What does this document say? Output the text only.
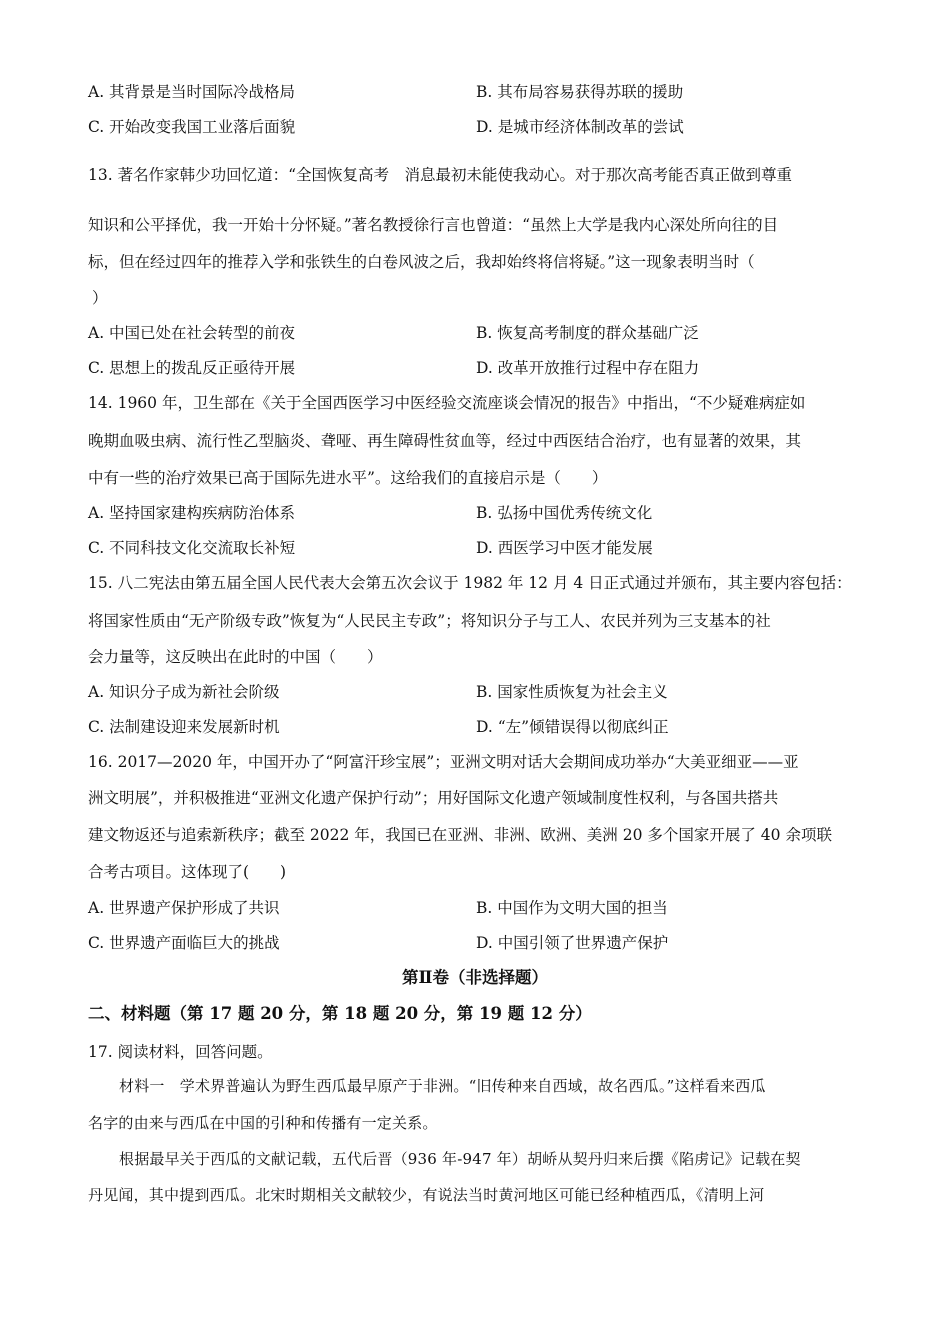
A. 其背景是当时国际冷战格局	B. 其布局容易获得苏联的援助
C. 开始改变我国工业落后面貌	D. 是城市经济体制改革的尝试
13. 著名作家韩少功回忆道：“全国恢复高考　消息最初未能使我动心。对于那次高考能否真正做到尊重
知识和公平择优，我一开始十分怀疑。”著名教授徐行言也曾道：“虽然上大学是我内心深处所向往的目
标，但在经过四年的推荐入学和张铁生的白卷风波之后，我却始终将信将疑。”这一现象表明当时（
）
A. 中国已处在社会转型的前夜	B. 恢复高考制度的群众基础广泛
C. 思想上的拨乱反正亟待开展	D. 改革开放推行过程中存在阻力
14. 1960 年，卫生部在《关于全国西医学习中医经验交流座谈会情况的报告》中指出，“不少疑难病症如
晚期血吸虫病、流行性乙型脑炎、聋哑、再生障碍性贫血等，经过中西医结合治疗，也有显著的效果，其
中有一些的治疗效果已高于国际先进水平”。这给我们的直接启示是（　　）
A. 坚持国家建构疾病防治体系	B. 弘扬中国优秀传统文化
C. 不同科技文化交流取长补短	D. 西医学习中医才能发展
15. 八二宪法由第五届全国人民代表大会第五次会议于 1982 年 12 月 4 日正式通过并颁布，其主要内容包括：
将国家性质由“无产阶级专政”恢复为“人民民主专政”；将知识分子与工人、农民并列为三支基本的社
会力量等，这反映出在此时的中国（　　）
A. 知识分子成为新社会阶级	B. 国家性质恢复为社会主义
C. 法制建设迎来发展新时机	D. “左”倾错误得以彻底纠正
16. 2017—2020 年，中国开办了“阿富汗珍宝展”；亚洲文明对话大会期间成功举办“大美亚细亚——亚
洲文明展”，并积极推进“亚洲文化遗产保护行动”；用好国际文化遗产领域制度性权利，与各国共搭共
建文物返还与追索新秩序；截至 2022 年，我国已在亚洲、非洲、欧洲、美洲 20 多个国家开展了 40 余项联
合考古项目。这体现了(　　)
A. 世界遗产保护形成了共识	B. 中国作为文明大国的担当
C. 世界遗产面临巨大的挑战	D. 中国引领了世界遗产保护
第Ⅱ卷（非选择题）
二、材料题（第 17 题 20 分，第 18 题 20 分，第 19 题 12 分）
17. 阅读材料，回答问题。
材料一　学术界普遍认为野生西瓜最早原产于非洲。“旧传种来自西域，故名西瓜。”这样看来西瓜
名字的由来与西瓜在中国的引种和传播有一定关系。
根据最早关于西瓜的文献记载，五代后晋（936 年-947 年）胡峤从契丹归来后撰《陷虏记》记载在契
丹见闻，其中提到西瓜。北宋时期相关文献较少，有说法当时黄河地区可能已经种植西瓜，《清明上河
